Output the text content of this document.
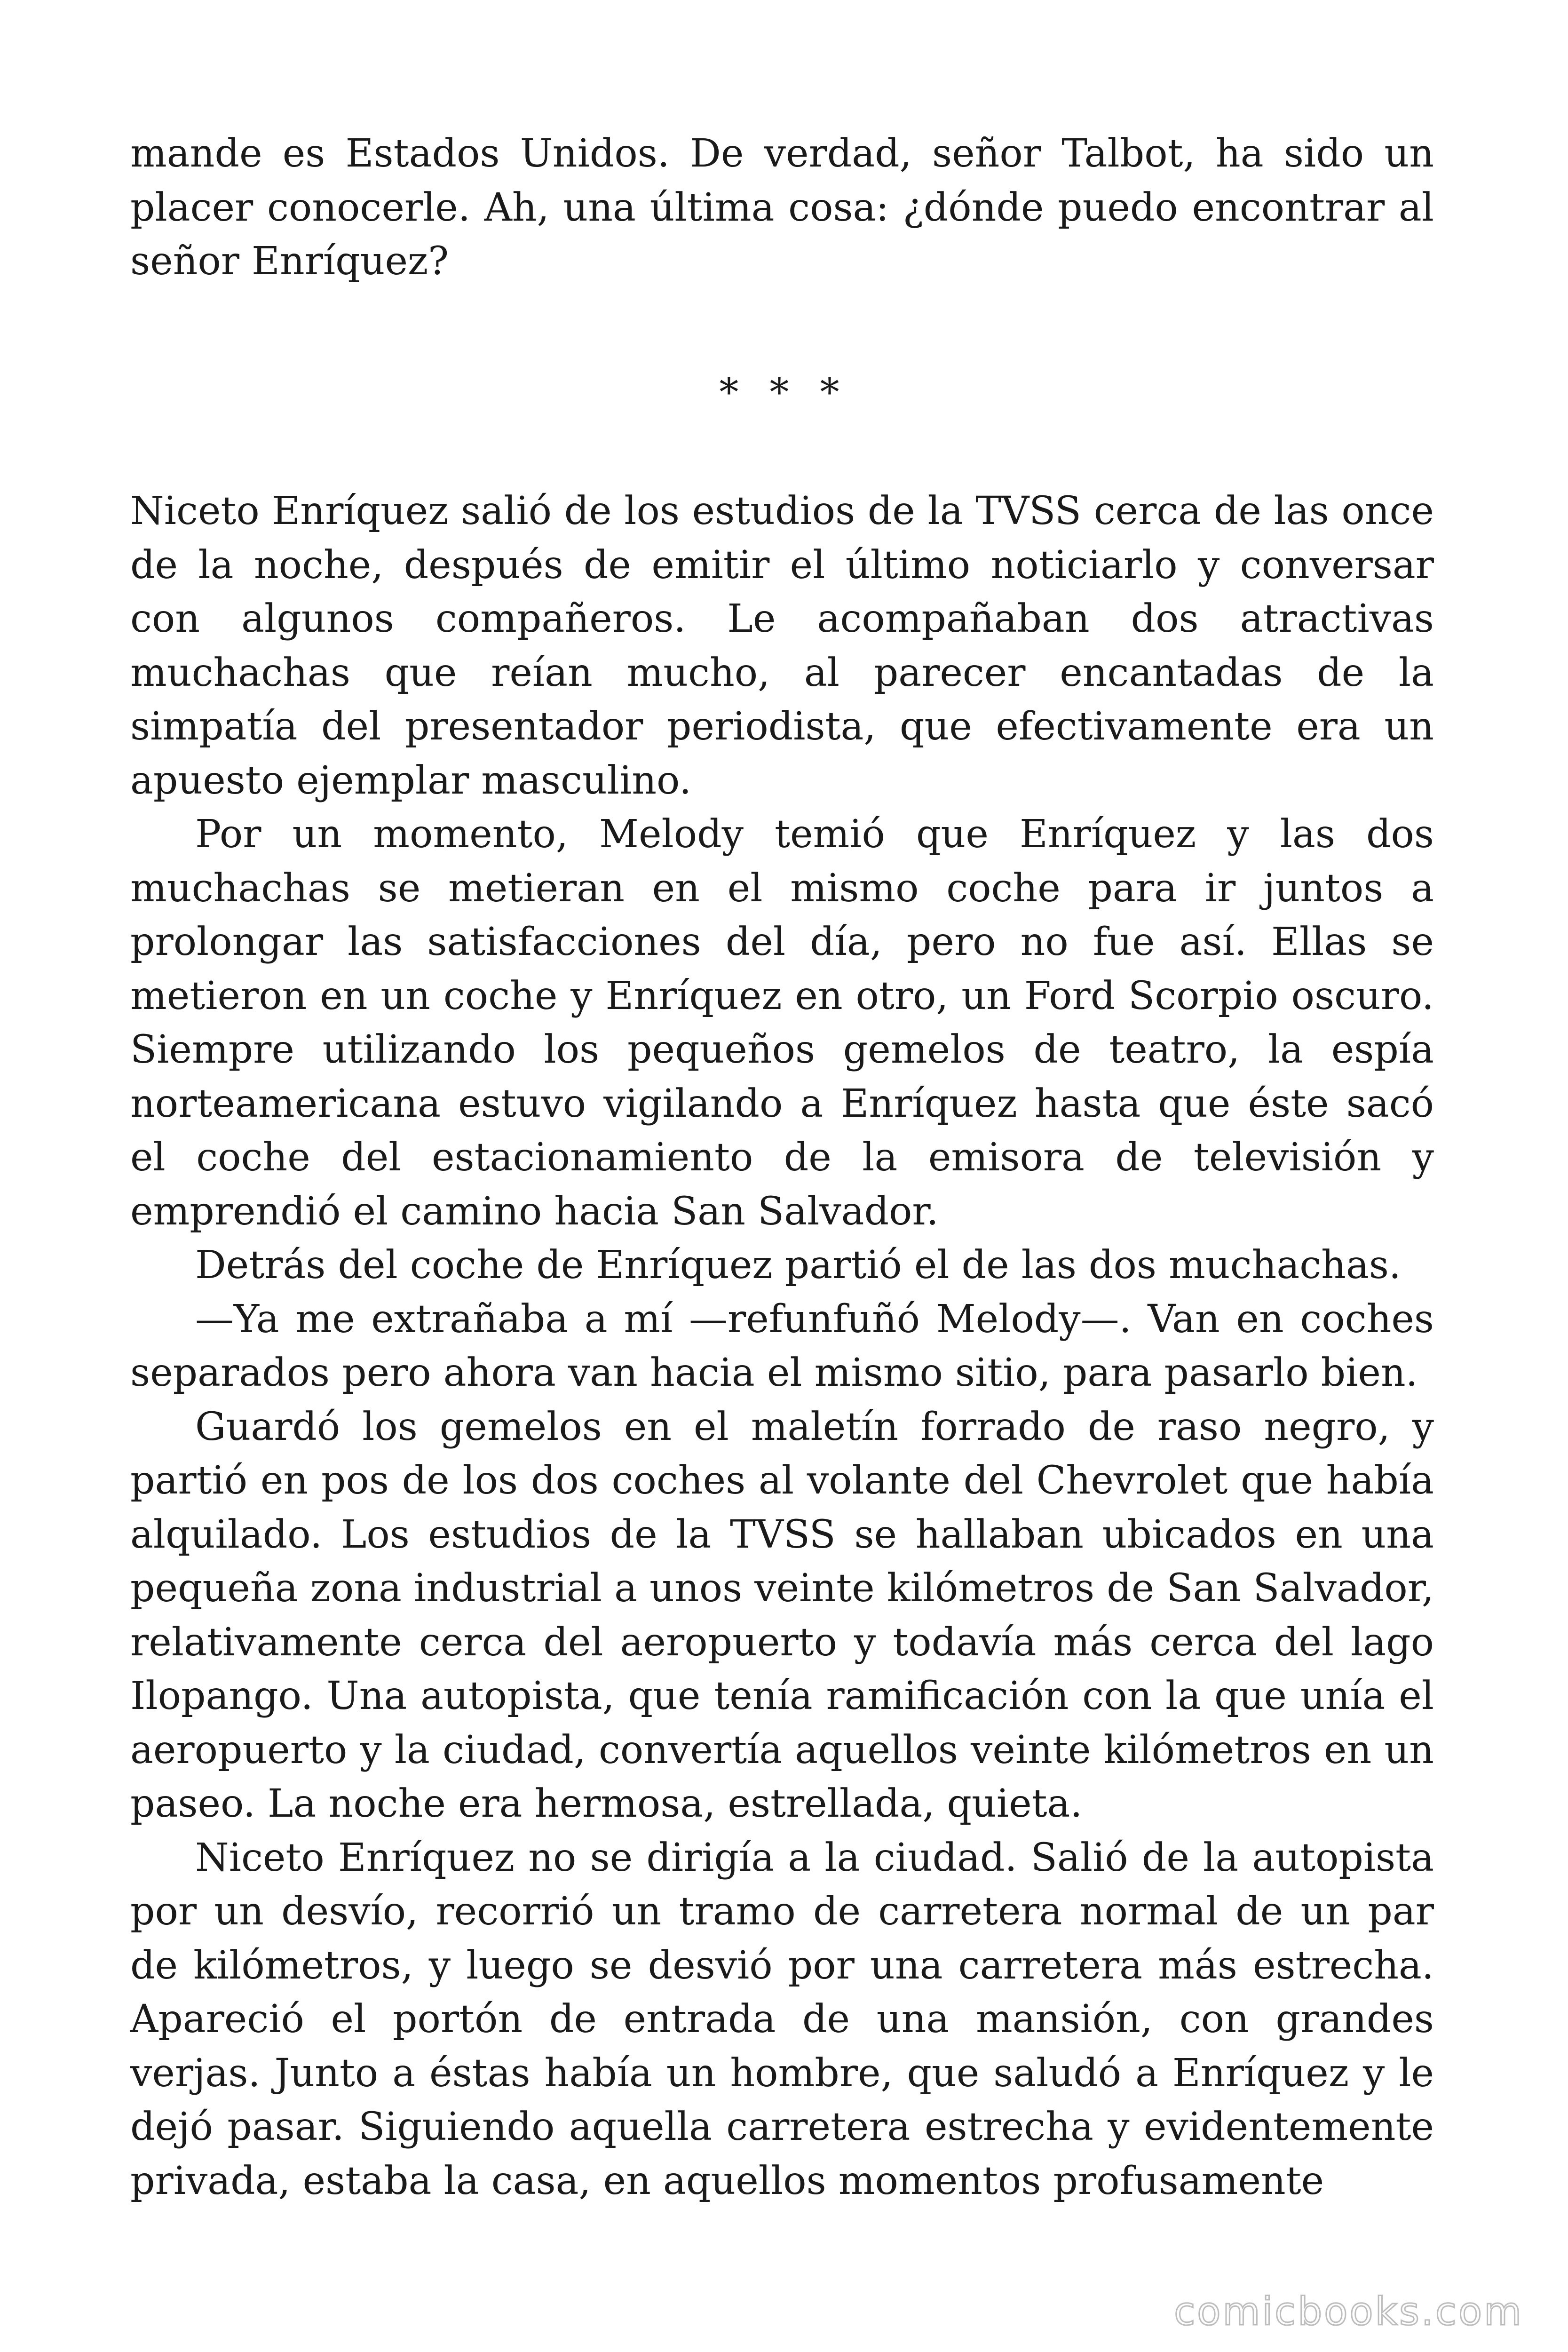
mande es Estados Unidos. De verdad, señor Talbot, ha sido un placer conocerle. Ah, una última cosa: ¿dónde puedo encontrar al señor Enríquez?

* * *

Niceto Enríquez salió de los estudios de la TVSS cerca de las once de la noche, después de emitir el último noticiarlo y conversar con algunos compañeros. Le acompañaban dos atractivas muchachas que reían mucho, al parecer encantadas de la simpatía del presentador periodista, que efectivamente era un apuesto ejemplar masculino.

Por un momento, Melody temió que Enríquez y las dos muchachas se metieran en el mismo coche para ir juntos a prolongar las satisfacciones del día, pero no fue así. Ellas se metieron en un coche y Enríquez en otro, un Ford Scorpio oscuro. Siempre utilizando los pequeños gemelos de teatro, la espía norteamericana estuvo vigilando a Enríquez hasta que éste sacó el coche del estacionamiento de la emisora de televisión y emprendió el camino hacia San Salvador.

Detrás del coche de Enríquez partió el de las dos muchachas.

—Ya me extrañaba a mí —refunfuñó Melody—. Van en coches separados pero ahora van hacia el mismo sitio, para pasarlo bien.

Guardó los gemelos en el maletín forrado de raso negro, y partió en pos de los dos coches al volante del Chevrolet que había alquilado. Los estudios de la TVSS se hallaban ubicados en una pequeña zona industrial a unos veinte kilómetros de San Salvador, relativamente cerca del aeropuerto y todavía más cerca del lago Ilopango. Una autopista, que tenía ramificación con la que unía el aeropuerto y la ciudad, convertía aquellos veinte kilómetros en un paseo. La noche era hermosa, estrellada, quieta.

Niceto Enríquez no se dirigía a la ciudad. Salió de la autopista por un desvío, recorrió un tramo de carretera normal de un par de kilómetros, y luego se desvió por una carretera más estrecha. Apareció el portón de entrada de una mansión, con grandes verjas. Junto a éstas había un hombre, que saludó a Enríquez y le dejó pasar. Siguiendo aquella carretera estrecha y evidentemente privada, estaba la casa, en aquellos momentos profusamente

comicbooks.com
